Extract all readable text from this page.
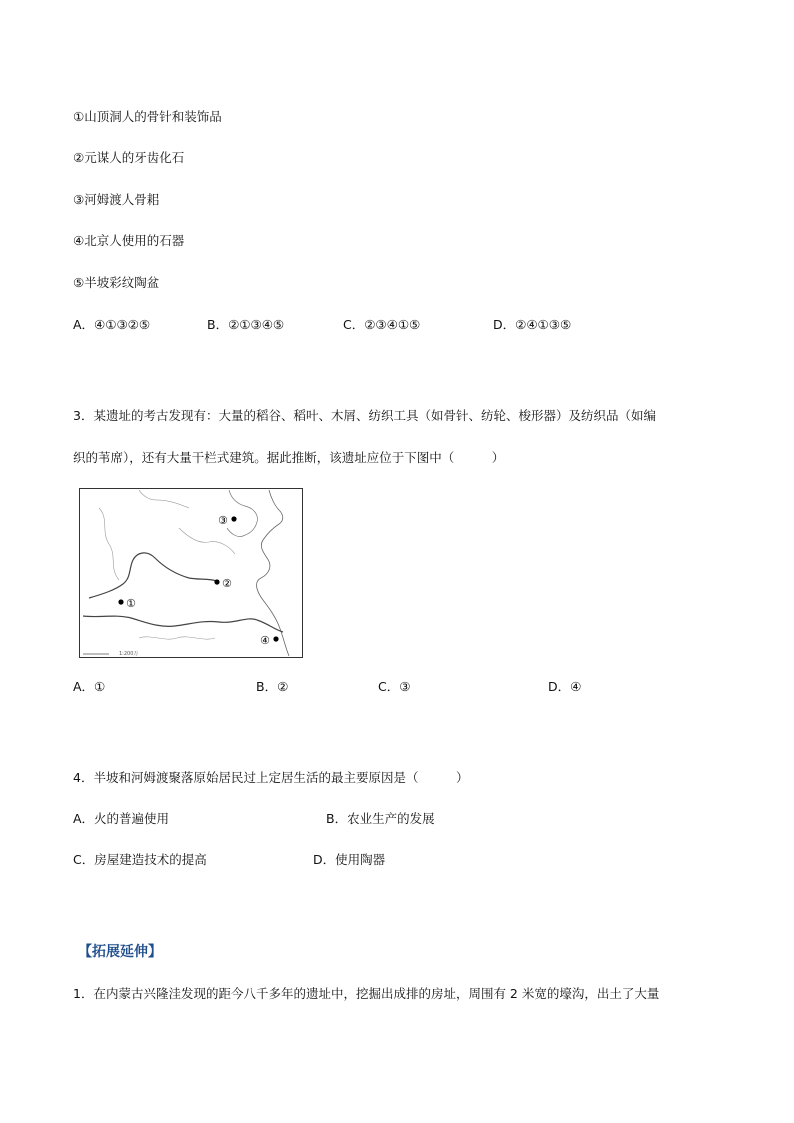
①山顶洞人的骨针和装饰品
②元谋人的牙齿化石
③河姆渡人骨耜
④北京人使用的石器
⑤半坡彩纹陶盆
A．④①③②⑤	B．②①③④⑤	C．②③④①⑤	D．②④①③⑤
3．某遗址的考古发现有：大量的稻谷、稻叶、木屑、纺织工具（如骨针、纺轮、梭形器）及纺织品（如编
织的苇席），还有大量干栏式建筑。据此推断，该遗址应位于下图中（　　　）
①
②
③
④
1:200万
A．①	B．②	C．③	D．④
4．半坡和河姆渡聚落原始居民过上定居生活的最主要原因是（　　　）
A．火的普遍使用	B．农业生产的发展
C．房屋建造技术的提高	D．使用陶器
【拓展延伸】
1．在内蒙古兴隆洼发现的距今八千多年的遗址中，挖掘出成排的房址，周围有 2 米宽的壕沟，出土了大量
